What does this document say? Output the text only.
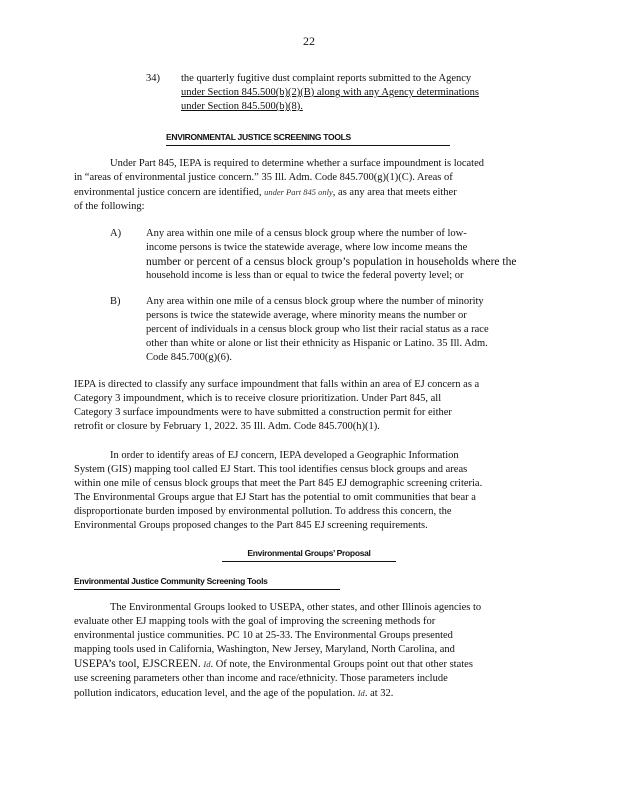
22
34) the quarterly fugitive dust complaint reports submitted to the Agency
under Section 845.500(b)(2)(B) along with any Agency determinations
under Section 845.500(b)(8).
ENVIRONMENTAL JUSTICE SCREENING TOOLS
Under Part 845, IEPA is required to determine whether a surface impoundment is located
in “areas of environmental justice concern.” 35 Ill. Adm. Code 845.700(g)(1)(C). Areas of
environmental justice concern are identified, under Part 845 only, as any area that meets either
of the following:
A)	Any area within one mile of a census block group where the number of low-
income persons is twice the statewide average, where low income means the
number or percent of a census block group’s population in households where the
household income is less than or equal to twice the federal poverty level; or
B)	Any area within one mile of a census block group where the number of minority
persons is twice the statewide average, where minority means the number or
percent of individuals in a census block group who list their racial status as a race
other than white or alone or list their ethnicity as Hispanic or Latino. 35 Ill. Adm.
Code 845.700(g)(6).
IEPA is directed to classify any surface impoundment that falls within an area of EJ concern as a
Category 3 impoundment, which is to receive closure prioritization. Under Part 845, all
Category 3 surface impoundments were to have submitted a construction permit for either
retrofit or closure by February 1, 2022. 35 Ill. Adm. Code 845.700(h)(1).
In order to identify areas of EJ concern, IEPA developed a Geographic Information
System (GIS) mapping tool called EJ Start. This tool identifies census block groups and areas
within one mile of census block groups that meet the Part 845 EJ demographic screening criteria.
The Environmental Groups argue that EJ Start has the potential to omit communities that bear a
disproportionate burden imposed by environmental pollution. To address this concern, the
Environmental Groups proposed changes to the Part 845 EJ screening requirements.
Environmental Groups’ Proposal
Environmental Justice Community Screening Tools
The Environmental Groups looked to USEPA, other states, and other Illinois agencies to
evaluate other EJ mapping tools with the goal of improving the screening methods for
environmental justice communities. PC 10 at 25-33. The Environmental Groups presented
mapping tools used in California, Washington, New Jersey, Maryland, North Carolina, and
USEPA’s tool, EJSCREEN. Id. Of note, the Environmental Groups point out that other states
use screening parameters other than income and race/ethnicity. Those parameters include
pollution indicators, education level, and the age of the population. Id. at 32.
